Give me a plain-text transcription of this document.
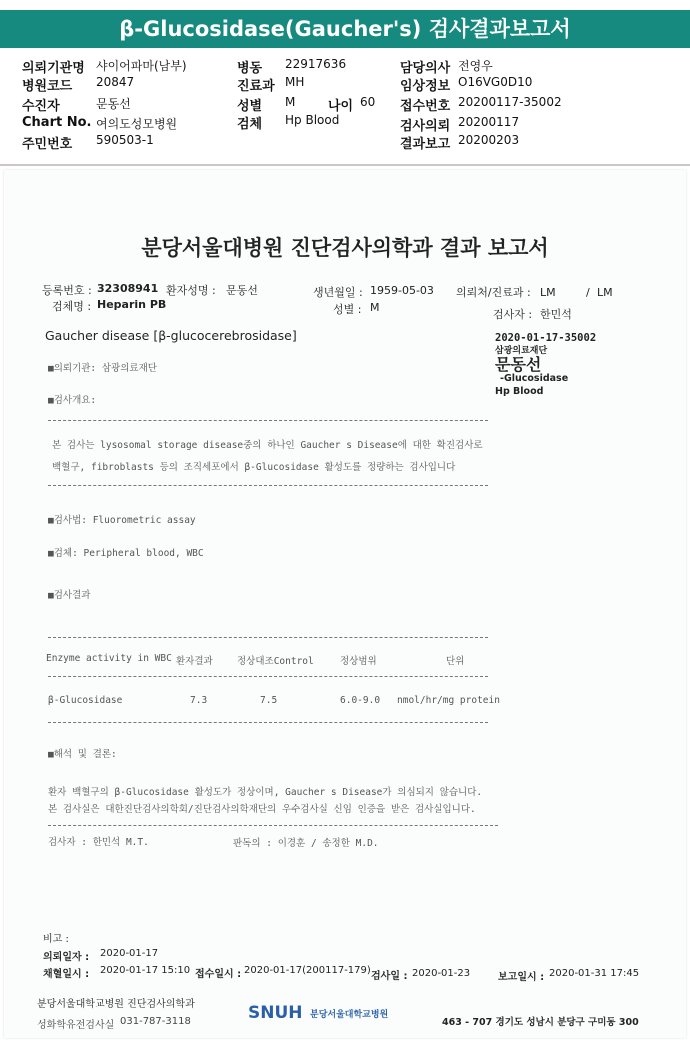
β-Glucosidase(Gaucher's) 검사결과보고서
의뢰기관명 샤이어파마(남부)
병원코드 20847
수진자	문동선
Chart No. 여의도성모병원
주민번호 590503-1
병동 22917636
진료과 MH
성별 M	나이 60
검체 Hp Blood
담당의사 전영우
임상정보 O16VG0D10
접수번호 20200117-35002
검사의뢰 20200117
결과보고 20200203
분당서울대병원 진단검사의학과 결과 보고서
등록번호 : 32308941 환자성명 : 문동선	생년월일 : 1959-05-03 의뢰처/진료과 : LM	/ LM
검체명 : Heparin PB	성별 : M
검사자 : 한민석
Gaucher disease [β-glucocerebrosidase]	2020-01-17-35002
삼광의료재단
문동선
-Glucosidase
Hp Blood
■의뢰기관: 삼광의료재단
■검사개요:
본 검사는 lysosomal storage disease중의 하나인 Gaucher s Disease에 대한 확진검사로
백혈구, fibroblasts 등의 조직세포에서 β-Glucosidase 활성도를 정량하는 검사입니다
■검사법: Fluorometric assay
■검체: Peripheral blood, WBC
■검사결과
Enzyme activity in WBC 환자결과	정상대조Control	정상범위	단위
β-Glucosidase	7.3	7.5	6.0-9.0 nmol/hr/mg protein
■해석 및 결론:
환자 백혈구의 β-Glucosidase 활성도가 정상이며, Gaucher s Disease가 의심되지 않습니다.
본 검사실은 대한진단검사의학회/진단검사의학재단의 우수검사실 신임 인증을 받은 검사실입니다.
검사자 : 한민석 M.T.	판독의 : 이경훈 / 송정한 M.D.
비고 :
의뢰일자 : 2020-01-17
채혈일시 : 2020-01-17 15:10 접수일시 : 2020-01-17(200117-179)
검사일 : 2020-01-23	보고일시 : 2020-01-31 17:45
분당서울대학교병원 진단검사의학과
성화학유전검사실 031-787-3118	SNUH 분당서울대학교병원
463 - 707 경기도 성남시 분당구 구미동 300
